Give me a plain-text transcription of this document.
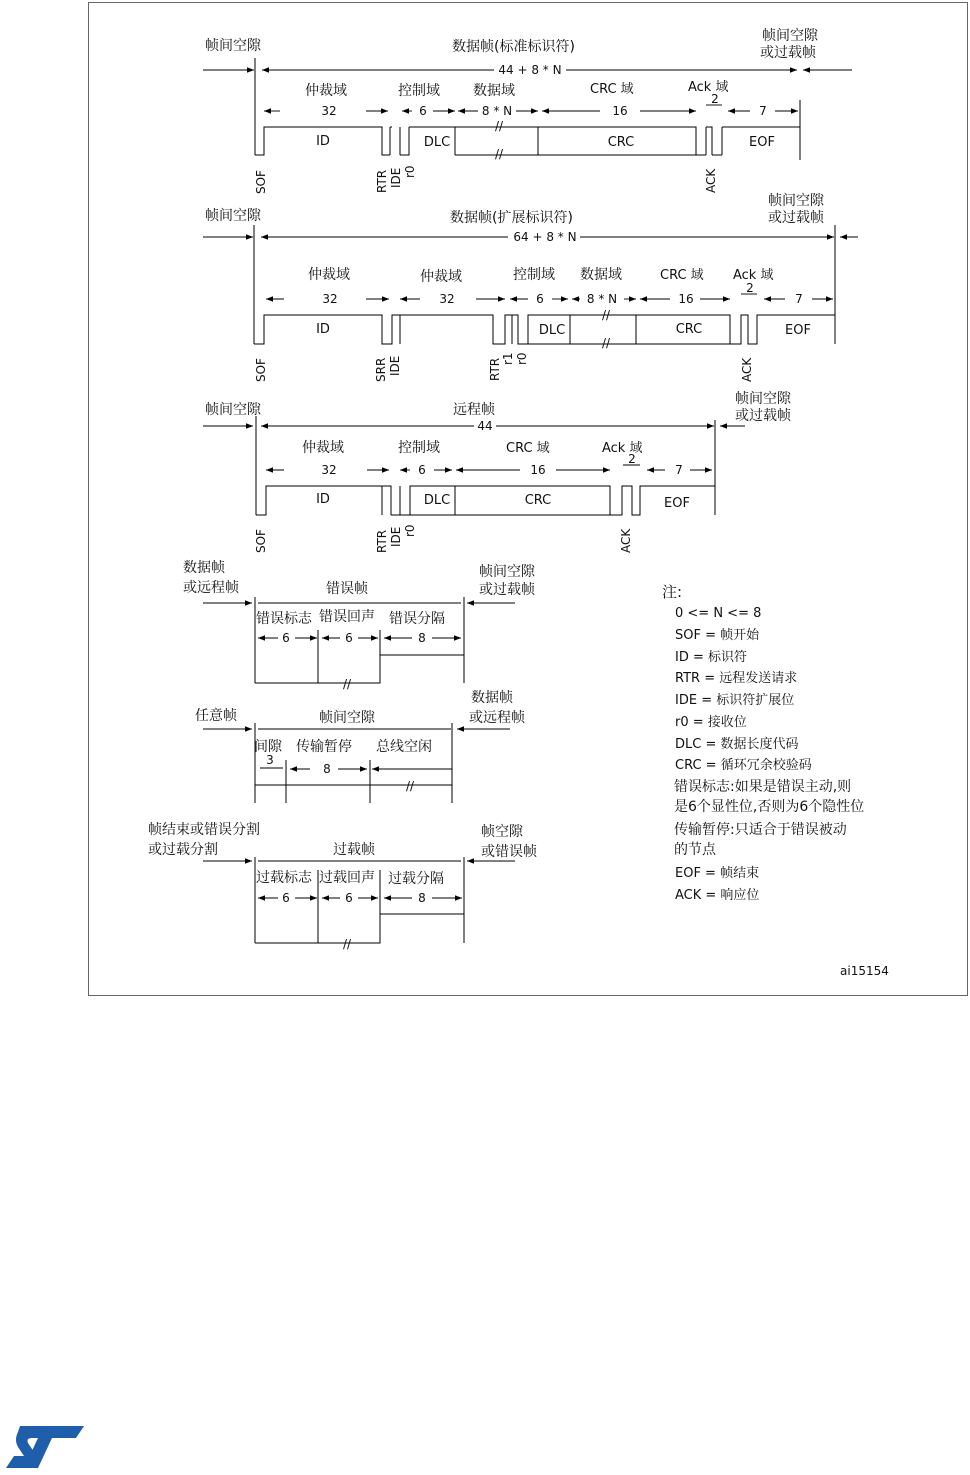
帧间空隙	数据帧(标准标识符)
帧间空隙
或过载帧
44 + 8 * N
仲裁域	控制域 数据域	CRC 域	Ack 域
32	6	8 * N	16
2
7
//
//
ID	DLC	CRC	EOF
SOF	RTR IDE r0	ACK
帧间空隙	数据帧(扩展标识符)
帧间空隙
或过载帧
64 + 8 * N
仲裁域	仲裁域	控制域 数据域	CRC 域 Ack 域
32	32	6	8 * N	16
2
7
//
//
ID	DLC	CRC	EOF
SOF	SRR IDE	RTR r1 r0	ACK
帧间空隙	远程帧
帧间空隙
或过载帧
44
仲裁域	控制域	CRC 域	Ack 域
32	6	16
2
7
ID	DLC	CRC	EOF
SOF	RTR IDE r0	ACK
数据帧
或远程帧	错误帧
帧间空隙
或过载帧
错误标志 错误回声 错误分隔
6	6	8
//
任意帧	帧间空隙
数据帧
或远程帧
间隙 传输暂停 总线空闲
3
8
//
帧结束或错误分割
或过载分割	过载帧
帧空隙
或错误帧
过载标志 过载回声 过载分隔
6	6	8
//
注:
0 <= N <= 8
SOF = 帧开始
ID = 标识符
RTR = 远程发送请求
IDE = 标识符扩展位
r0 = 接收位
DLC = 数据长度代码
CRC = 循环冗余校验码
错误标志:如果是错误主动,则
是6个显性位,否则为6个隐性位
传输暂停:只适合于错误被动
的节点
EOF = 帧结束
ACK = 响应位
ai15154
